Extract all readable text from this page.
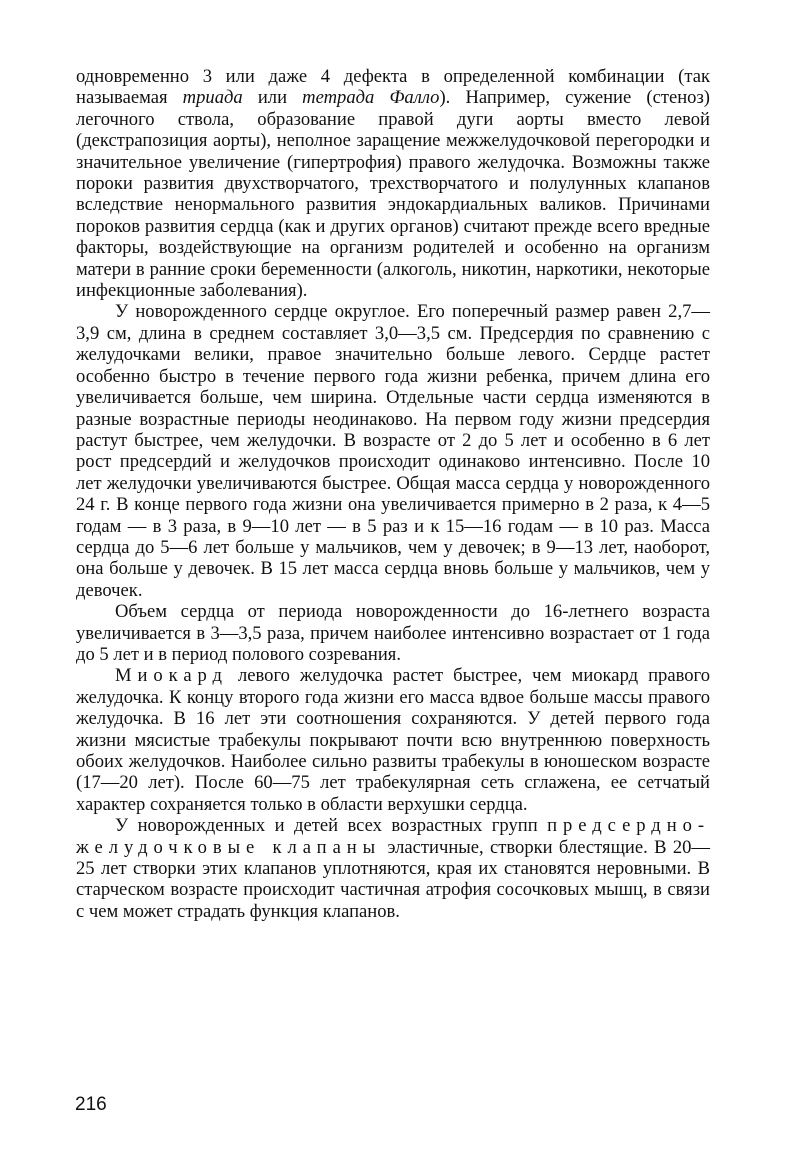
одновременно 3 или даже 4 дефекта в определенной комбинации (так называемая триада или тетрада Фалло). Например, сужение (стеноз) легочного ствола, образование правой дуги аорты вместо левой (декстрапозиция аорты), неполное заращение межжелудочковой перегородки и значительное увеличение (гипертрофия) правого желудочка. Возможны также пороки развития двухстворчатого, трехстворчатого и полулунных клапанов вследствие ненормального развития эндокардиальных валиков. Причинами пороков развития сердца (как и других органов) считают прежде всего вредные факторы, воздействующие на организм родителей и особенно на организм матери в ранние сроки беременности (алкоголь, никотин, наркотики, некоторые инфекционные заболевания).

У новорожденного сердце округлое. Его поперечный размер равен 2,7—3,9 см, длина в среднем составляет 3,0—3,5 см. Предсердия по сравнению с желудочками велики, правое значительно больше левого. Сердце растет особенно быстро в течение первого года жизни ребенка, причем длина его увеличивается больше, чем ширина. Отдельные части сердца изменяются в разные возрастные периоды неодинаково. На первом году жизни предсердия растут быстрее, чем желудочки. В возрасте от 2 до 5 лет и особенно в 6 лет рост предсердий и желудочков происходит одинаково интенсивно. После 10 лет желудочки увеличиваются быстрее. Общая масса сердца у новорожденного 24 г. В конце первого года жизни она увеличивается примерно в 2 раза, к 4—5 годам — в 3 раза, в 9—10 лет — в 5 раз и к 15—16 годам — в 10 раз. Масса сердца до 5—6 лет больше у мальчиков, чем у девочек; в 9—13 лет, наоборот, она больше у девочек. В 15 лет масса сердца вновь больше у мальчиков, чем у девочек.

Объем сердца от периода новорожденности до 16-летнего возраста увеличивается в 3—3,5 раза, причем наиболее интенсивно возрастает от 1 года до 5 лет и в период полового созревания.

Миокард левого желудочка растет быстрее, чем миокард правого желудочка. К концу второго года жизни его масса вдвое больше массы правого желудочка. В 16 лет эти соотношения сохраняются. У детей первого года жизни мясистые трабекулы покрывают почти всю внутреннюю поверхность обоих желудочков. Наиболее сильно развиты трабекулы в юношеском возрасте (17—20 лет). После 60—75 лет трабекулярная сеть сглажена, ее сетчатый характер сохраняется только в области верхушки сердца.

У новорожденных и детей всех возрастных групп предсердно-желудочковые клапаны эластичные, створки блестящие. В 20—25 лет створки этих клапанов уплотняются, края их становятся неровными. В старческом возрасте происходит частичная атрофия сосочковых мышц, в связи с чем может страдать функция клапанов.

216
